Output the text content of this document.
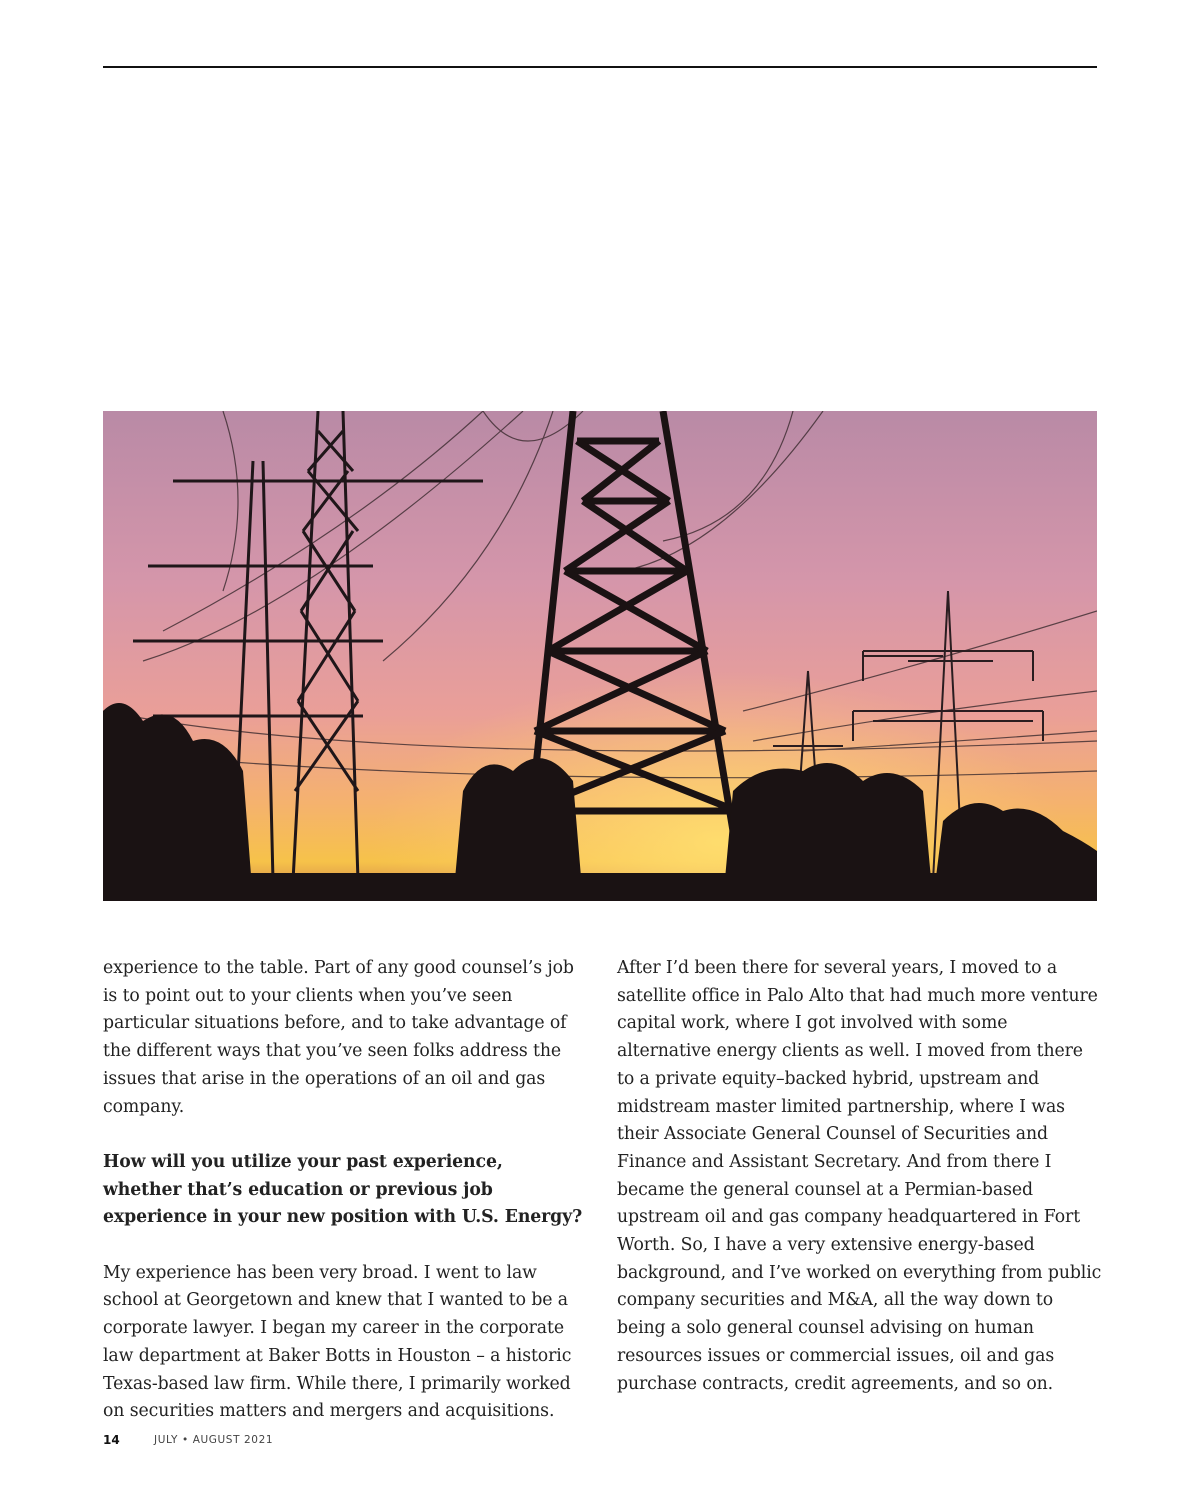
experience to the table. Part of any good counsel’s job is to point out to your clients when you’ve seen particular situations before, and to take advantage of the different ways that you’ve seen folks address the issues that arise in the operations of an oil and gas company.

How will you utilize your past experience, whether that’s education or previous job experience in your new position with U.S. Energy?

My experience has been very broad. I went to law school at Georgetown and knew that I wanted to be a corporate lawyer. I began my career in the corporate law department at Baker Botts in Houston – a historic Texas-based law firm. While there, I primarily worked on securities matters and mergers and acquisitions.

After I’d been there for several years, I moved to a satellite office in Palo Alto that had much more venture capital work, where I got involved with some alternative energy clients as well. I moved from there to a private equity–backed hybrid, upstream and midstream master limited partnership, where I was their Associate General Counsel of Securities and Finance and Assistant Secretary. And from there I became the general counsel at a Permian-based upstream oil and gas company headquartered in Fort Worth. So, I have a very extensive energy-based background, and I’ve worked on everything from public company securities and M&A, all the way down to being a solo general counsel advising on human resources issues or commercial issues, oil and gas purchase contracts, credit agreements, and so on.

14	JULY • AUGUST 2021
